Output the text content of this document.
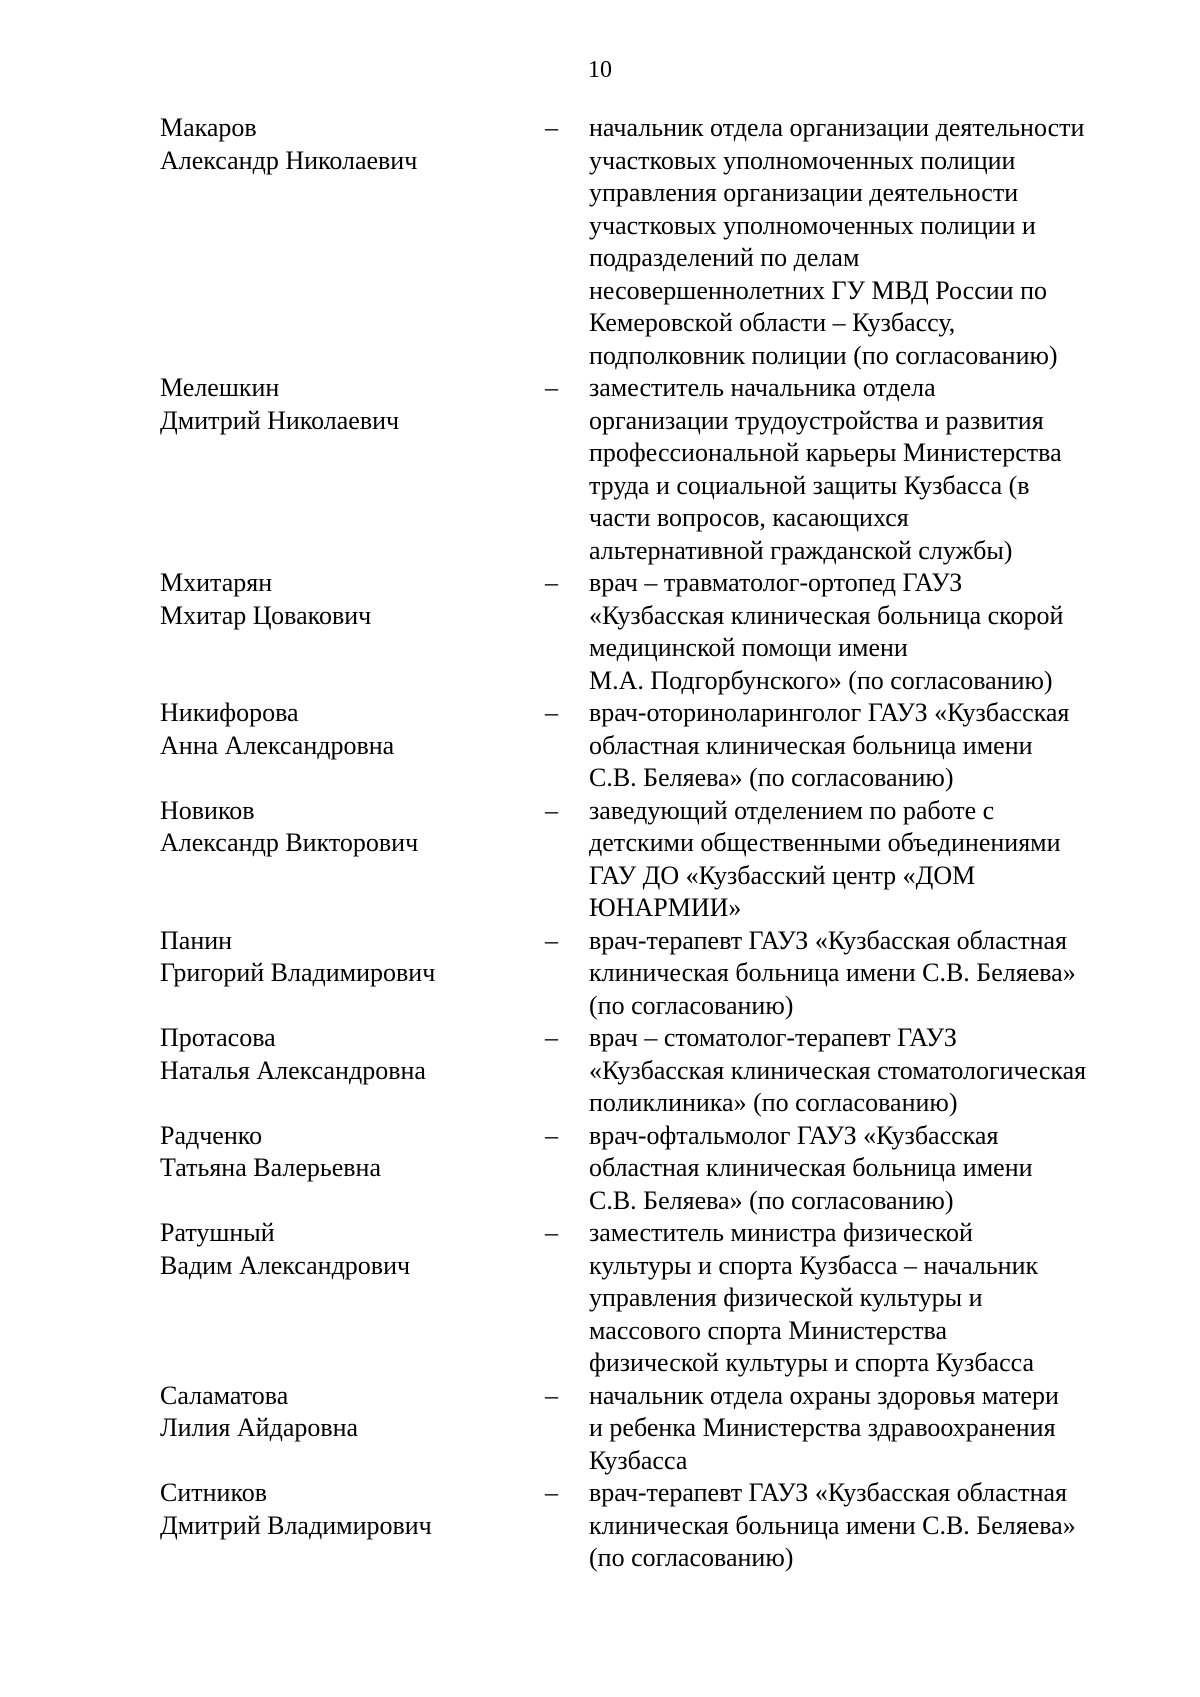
10
Макаров
Александр Николаевич
–	начальник отдела организации деятельности
участковых уполномоченных полиции
управления организации деятельности
участковых уполномоченных полиции и
подразделений по делам
несовершеннолетних ГУ МВД России по
Кемеровской области – Кузбассу,
подполковник полиции (по согласованию)
Мелешкин
Дмитрий Николаевич
–	заместитель начальника отдела
организации трудоустройства и развития
профессиональной карьеры Министерства
труда и социальной защиты Кузбасса (в
части вопросов, касающихся
альтернативной гражданской службы)
Мхитарян
Мхитар Цовакович
–	врач – травматолог-ортопед ГАУЗ
«Кузбасская клиническая больница скорой
медицинской помощи имени
М.А. Подгорбунского» (по согласованию)
Никифорова
Анна Александровна
–	врач-оториноларинголог ГАУЗ «Кузбасская
областная клиническая больница имени
С.В. Беляева» (по согласованию)
Новиков
Александр Викторович
–	заведующий отделением по работе с
детскими общественными объединениями
ГАУ ДО «Кузбасский центр «ДОМ
ЮНАРМИИ»
Панин
Григорий Владимирович
–	врач-терапевт ГАУЗ «Кузбасская областная
клиническая больница имени С.В. Беляева»
(по согласованию)
Протасова
Наталья Александровна
–	врач – стоматолог-терапевт ГАУЗ
«Кузбасская клиническая стоматологическая
поликлиника» (по согласованию)
Радченко
Татьяна Валерьевна
–	врач-офтальмолог ГАУЗ «Кузбасская
областная клиническая больница имени
С.В. Беляева» (по согласованию)
Ратушный
Вадим Александрович
–	заместитель министра физической
культуры и спорта Кузбасса – начальник
управления физической культуры и
массового спорта Министерства
физической культуры и спорта Кузбасса
Саламатова
Лилия Айдаровна
–	начальник отдела охраны здоровья матери
и ребенка Министерства здравоохранения
Кузбасса
Ситников
Дмитрий Владимирович
–	врач-терапевт ГАУЗ «Кузбасская областная
клиническая больница имени С.В. Беляева»
(по согласованию)
